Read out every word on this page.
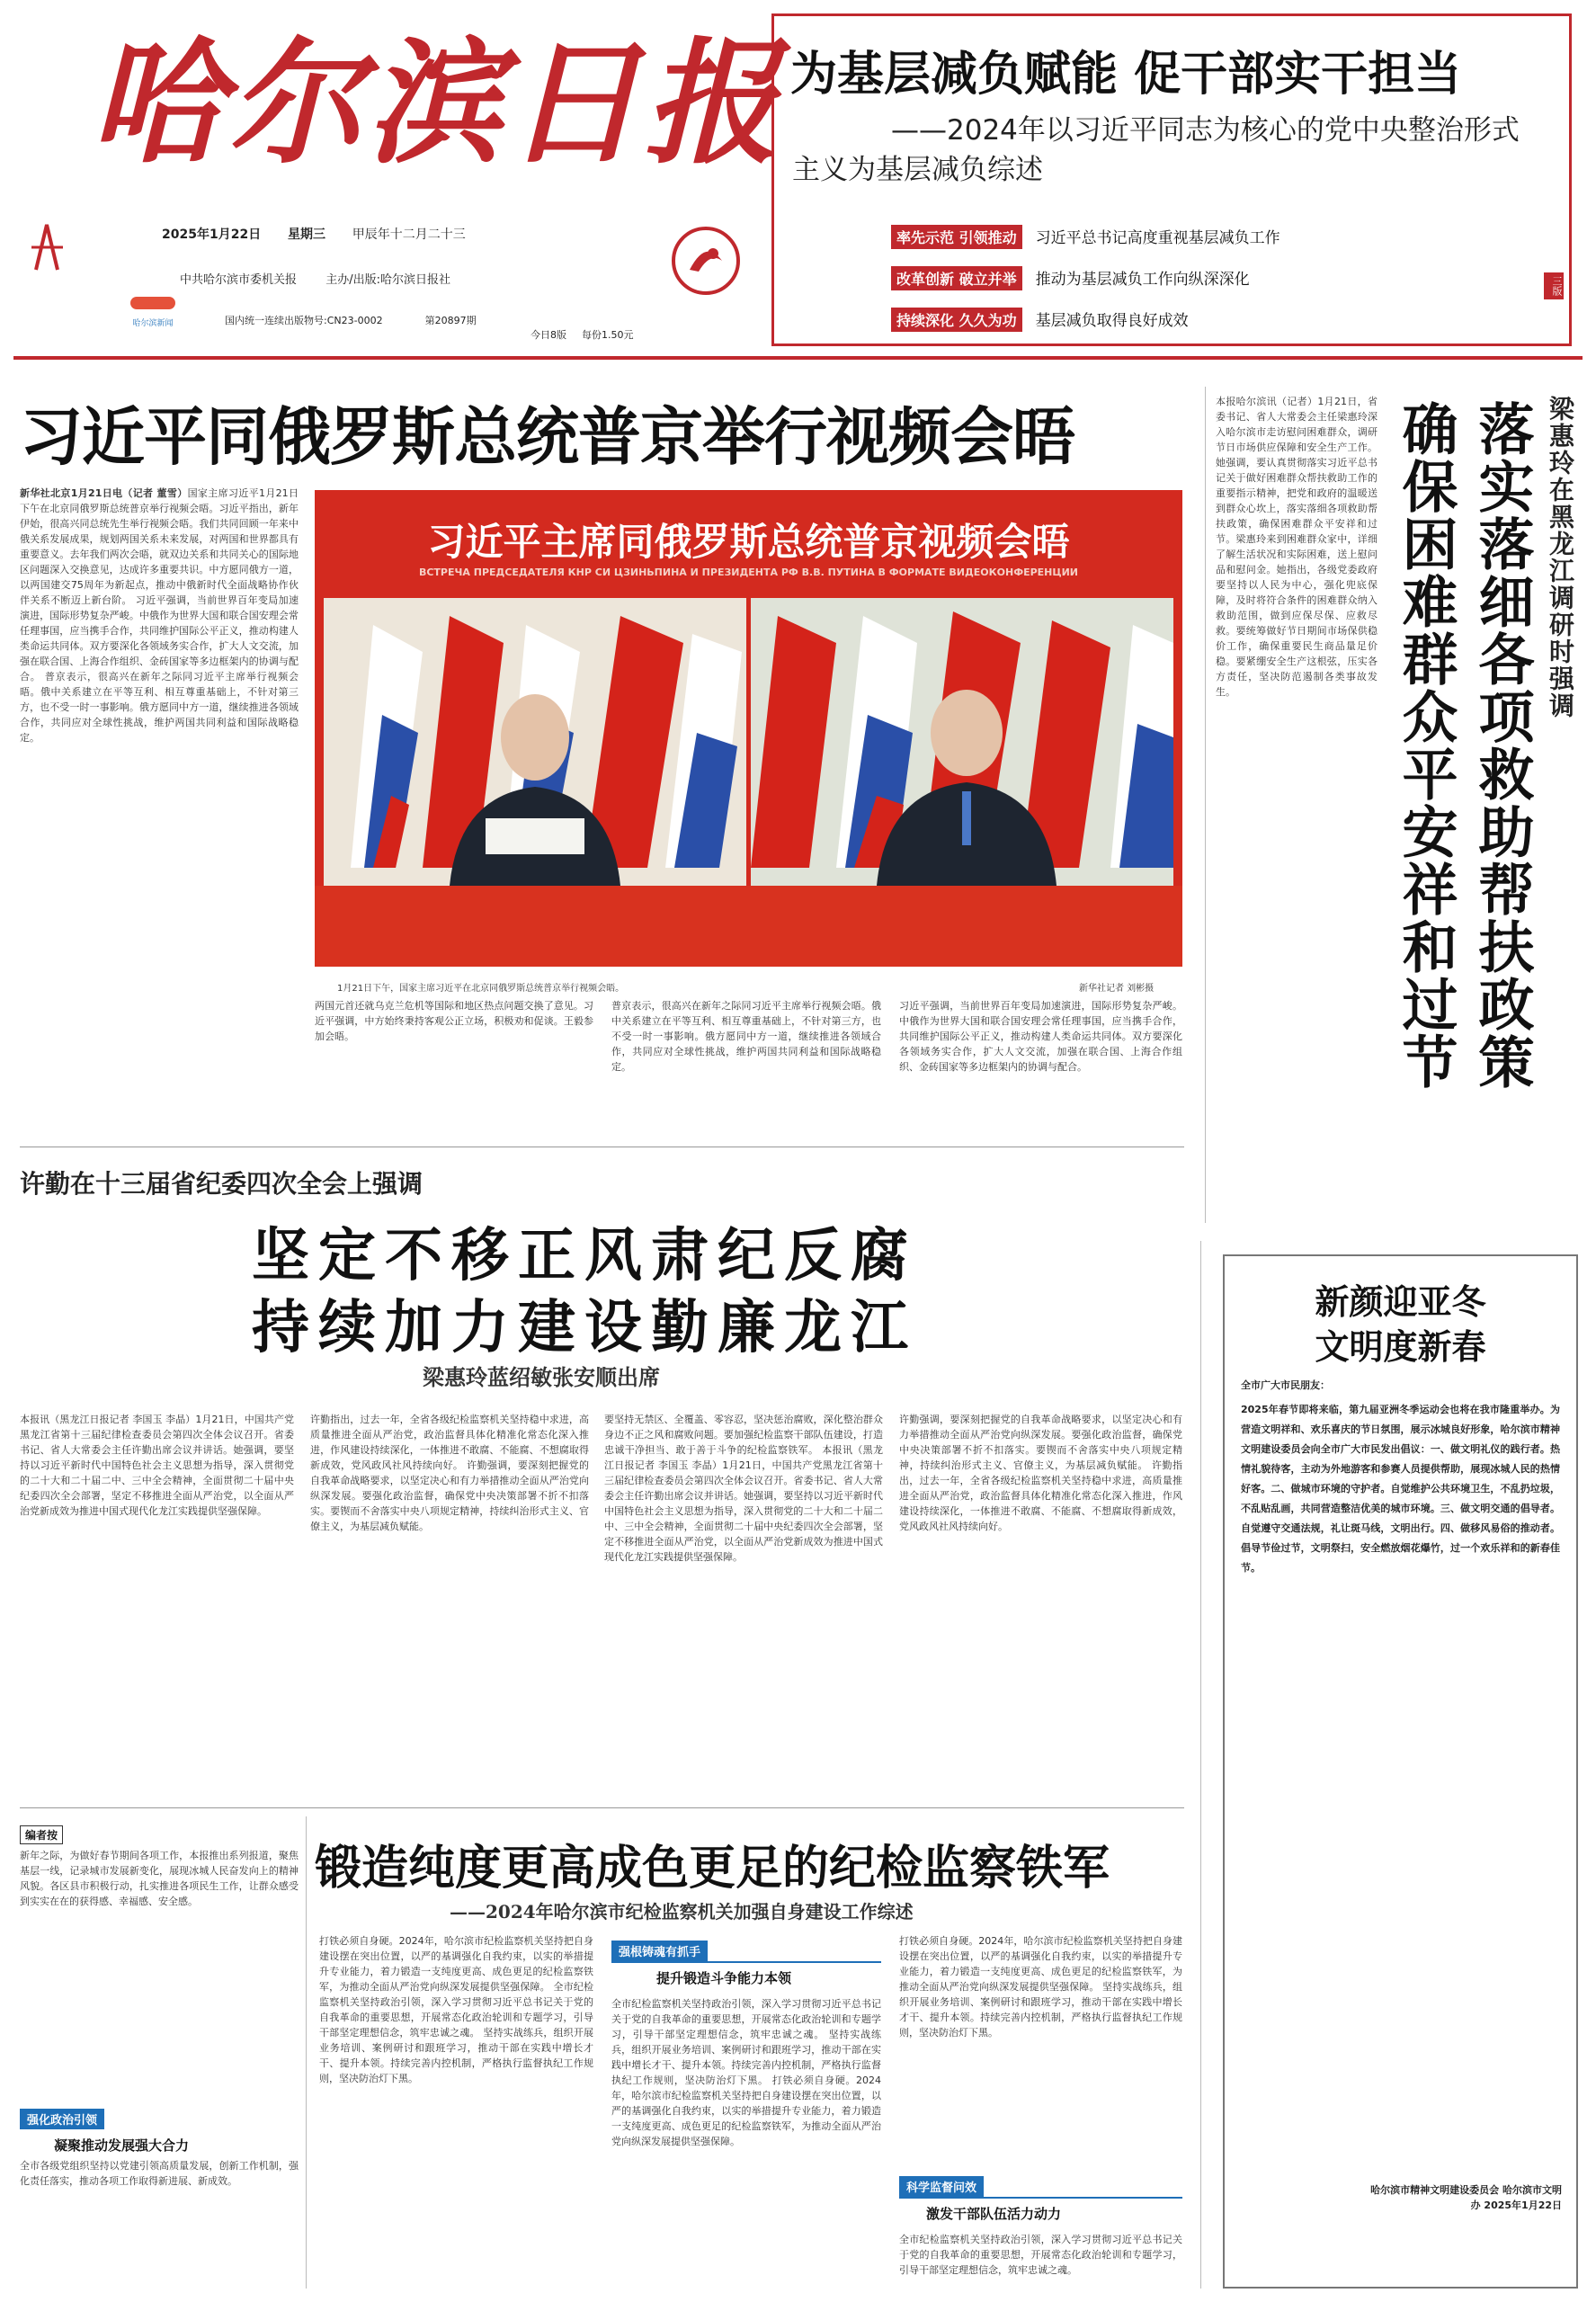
哈尔滨日报
哈尔滨新闻
2025年1月22日 星期三 甲辰年十二月二十三
中共哈尔滨市委机关报 主办/出版:哈尔滨日报社
国内统一连续出版物号:CN23-0002	第20897期
今日8版 每份1.50元
为基层减负赋能 促干部实干担当
——2024年以习近平同志为核心的党中央整治形式主义为基层减负综述
率先示范 引领推动 习近平总书记高度重视基层减负工作
改革创新 破立并举 推动为基层减负工作向纵深深化
持续深化 久久为功 基层减负取得良好成效
三版
习近平同俄罗斯总统普京举行视频会晤
习近平主席同俄罗斯总统普京视频会晤
ВСТРЕЧА ПРЕДСЕДАТЕЛЯ КНР СИ ЦЗИНЬПИНА И ПРЕЗИДЕНТА РФ В.В. ПУТИНА В ФОРМАТЕ ВИДЕОКОНФЕРЕНЦИИ
1月21日下午，国家主席习近平在北京同俄罗斯总统普京举行视频会晤。	新华社记者 刘彬摄
新华社北京1月21日电（记者 董雪）国家主席习近平1月21日下午在北京同俄罗斯总统普京举行视频会晤。习近平指出，新年伊始，很高兴同总统先生举行视频会晤。我们共同回顾一年来中俄关系发展成果，规划两国关系未来发展，对两国和世界都具有重要意义。去年我们两次会晤，就双边关系和共同关心的国际地区问题深入交换意见，达成许多重要共识。中方愿同俄方一道，以两国建交75周年为新起点，推动中俄新时代全面战略协作伙伴关系不断迈上新台阶。 习近平强调，当前世界百年变局加速演进，国际形势复杂严峻。中俄作为世界大国和联合国安理会常任理事国，应当携手合作，共同维护国际公平正义，推动构建人类命运共同体。双方要深化各领域务实合作，扩大人文交流，加强在联合国、上海合作组织、金砖国家等多边框架内的协调与配合。 普京表示，很高兴在新年之际同习近平主席举行视频会晤。俄中关系建立在平等互利、相互尊重基础上，不针对第三方，也不受一时一事影响。俄方愿同中方一道，继续推进各领域合作，共同应对全球性挑战，维护两国共同利益和国际战略稳定。
两国元首还就乌克兰危机等国际和地区热点问题交换了意见。习近平强调，中方始终秉持客观公正立场，积极劝和促谈。王毅参加会晤。
普京表示，很高兴在新年之际同习近平主席举行视频会晤。俄中关系建立在平等互利、相互尊重基础上，不针对第三方，也不受一时一事影响。俄方愿同中方一道，继续推进各领域合作，共同应对全球性挑战，维护两国共同利益和国际战略稳定。
习近平强调，当前世界百年变局加速演进，国际形势复杂严峻。中俄作为世界大国和联合国安理会常任理事国，应当携手合作，共同维护国际公平正义，推动构建人类命运共同体。双方要深化各领域务实合作，扩大人文交流，加强在联合国、上海合作组织、金砖国家等多边框架内的协调与配合。
本报哈尔滨讯（记者）1月21日，省委书记、省人大常委会主任梁惠玲深入哈尔滨市走访慰问困难群众，调研节日市场供应保障和安全生产工作。她强调，要认真贯彻落实习近平总书记关于做好困难群众帮扶救助工作的重要指示精神，把党和政府的温暖送到群众心坎上，落实落细各项救助帮扶政策，确保困难群众平安祥和过节。梁惠玲来到困难群众家中，详细了解生活状况和实际困难，送上慰问品和慰问金。她指出，各级党委政府要坚持以人民为中心，强化兜底保障，及时将符合条件的困难群众纳入救助范围，做到应保尽保、应救尽救。要统筹做好节日期间市场保供稳价工作，确保重要民生商品量足价稳。要紧绷安全生产这根弦，压实各方责任，坚决防范遏制各类事故发生。	梁惠玲在黑龙江调研时强调
落实落细各项救助帮扶政策
确保困难群众平安祥和过节
许勤在十三届省纪委四次全会上强调
坚定不移正风肃纪反腐
持续加力建设勤廉龙江
梁惠玲蓝绍敏张安顺出席
本报讯（黑龙江日报记者 李国玉 李晶）1月21日，中国共产党黑龙江省第十三届纪律检查委员会第四次全体会议召开。省委书记、省人大常委会主任许勤出席会议并讲话。她强调，要坚持以习近平新时代中国特色社会主义思想为指导，深入贯彻党的二十大和二十届二中、三中全会精神，全面贯彻二十届中央纪委四次全会部署，坚定不移推进全面从严治党，以全面从严治党新成效为推进中国式现代化龙江实践提供坚强保障。
许勤指出，过去一年，全省各级纪检监察机关坚持稳中求进，高质量推进全面从严治党，政治监督具体化精准化常态化深入推进，作风建设持续深化，一体推进不敢腐、不能腐、不想腐取得新成效，党风政风社风持续向好。 许勤强调，要深刻把握党的自我革命战略要求，以坚定决心和有力举措推动全面从严治党向纵深发展。要强化政治监督，确保党中央决策部署不折不扣落实。要锲而不舍落实中央八项规定精神，持续纠治形式主义、官僚主义，为基层减负赋能。
要坚持无禁区、全覆盖、零容忍，坚决惩治腐败，深化整治群众身边不正之风和腐败问题。要加强纪检监察干部队伍建设，打造忠诚干净担当、敢于善于斗争的纪检监察铁军。 本报讯（黑龙江日报记者 李国玉 李晶）1月21日，中国共产党黑龙江省第十三届纪律检查委员会第四次全体会议召开。省委书记、省人大常委会主任许勤出席会议并讲话。她强调，要坚持以习近平新时代中国特色社会主义思想为指导，深入贯彻党的二十大和二十届二中、三中全会精神，全面贯彻二十届中央纪委四次全会部署，坚定不移推进全面从严治党，以全面从严治党新成效为推进中国式现代化龙江实践提供坚强保障。
许勤强调，要深刻把握党的自我革命战略要求，以坚定决心和有力举措推动全面从严治党向纵深发展。要强化政治监督，确保党中央决策部署不折不扣落实。要锲而不舍落实中央八项规定精神，持续纠治形式主义、官僚主义，为基层减负赋能。 许勤指出，过去一年，全省各级纪检监察机关坚持稳中求进，高质量推进全面从严治党，政治监督具体化精准化常态化深入推进，作风建设持续深化，一体推进不敢腐、不能腐、不想腐取得新成效，党风政风社风持续向好。
新颜迎亚冬
文明度新春
全市广大市民朋友：
2025年春节即将来临，第九届亚洲冬季运动会也将在我市隆重举办。为营造文明祥和、欢乐喜庆的节日氛围，展示冰城良好形象，哈尔滨市精神文明建设委员会向全市广大市民发出倡议：一、做文明礼仪的践行者。热情礼貌待客，主动为外地游客和参赛人员提供帮助，展现冰城人民的热情好客。二、做城市环境的守护者。自觉维护公共环境卫生，不乱扔垃圾，不乱贴乱画，共同营造整洁优美的城市环境。三、做文明交通的倡导者。自觉遵守交通法规，礼让斑马线，文明出行。四、做移风易俗的推动者。倡导节俭过节，文明祭扫，安全燃放烟花爆竹，过一个欢乐祥和的新春佳节。
哈尔滨市精神文明建设委员会 哈尔滨市文明办 2025年1月22日
编者按
新年之际，为做好春节期间各项工作，本报推出系列报道，聚焦基层一线，记录城市发展新变化，展现冰城人民奋发向上的精神风貌。各区县市积极行动，扎实推进各项民生工作，让群众感受到实实在在的获得感、幸福感、安全感。
强化政治引领
凝聚推动发展强大合力
全市各级党组织坚持以党建引领高质量发展，创新工作机制，强化责任落实，推动各项工作取得新进展、新成效。
锻造纯度更高成色更足的纪检监察铁军
——2024年哈尔滨市纪检监察机关加强自身建设工作综述
打铁必须自身硬。2024年，哈尔滨市纪检监察机关坚持把自身建设摆在突出位置，以严的基调强化自我约束，以实的举措提升专业能力，着力锻造一支纯度更高、成色更足的纪检监察铁军，为推动全面从严治党向纵深发展提供坚强保障。 全市纪检监察机关坚持政治引领，深入学习贯彻习近平总书记关于党的自我革命的重要思想，开展常态化政治轮训和专题学习，引导干部坚定理想信念，筑牢忠诚之魂。 坚持实战练兵，组织开展业务培训、案例研讨和跟班学习，推动干部在实践中增长才干、提升本领。持续完善内控机制，严格执行监督执纪工作规则，坚决防治灯下黑。
强根铸魂有抓手
提升锻造斗争能力本领
全市纪检监察机关坚持政治引领，深入学习贯彻习近平总书记关于党的自我革命的重要思想，开展常态化政治轮训和专题学习，引导干部坚定理想信念，筑牢忠诚之魂。 坚持实战练兵，组织开展业务培训、案例研讨和跟班学习，推动干部在实践中增长才干、提升本领。持续完善内控机制，严格执行监督执纪工作规则，坚决防治灯下黑。 打铁必须自身硬。2024年，哈尔滨市纪检监察机关坚持把自身建设摆在突出位置，以严的基调强化自我约束，以实的举措提升专业能力，着力锻造一支纯度更高、成色更足的纪检监察铁军，为推动全面从严治党向纵深发展提供坚强保障。
打铁必须自身硬。2024年，哈尔滨市纪检监察机关坚持把自身建设摆在突出位置，以严的基调强化自我约束，以实的举措提升专业能力，着力锻造一支纯度更高、成色更足的纪检监察铁军，为推动全面从严治党向纵深发展提供坚强保障。 坚持实战练兵，组织开展业务培训、案例研讨和跟班学习，推动干部在实践中增长才干、提升本领。持续完善内控机制，严格执行监督执纪工作规则，坚决防治灯下黑。
科学监督问效
激发干部队伍活力动力
全市纪检监察机关坚持政治引领，深入学习贯彻习近平总书记关于党的自我革命的重要思想，开展常态化政治轮训和专题学习，引导干部坚定理想信念，筑牢忠诚之魂。
